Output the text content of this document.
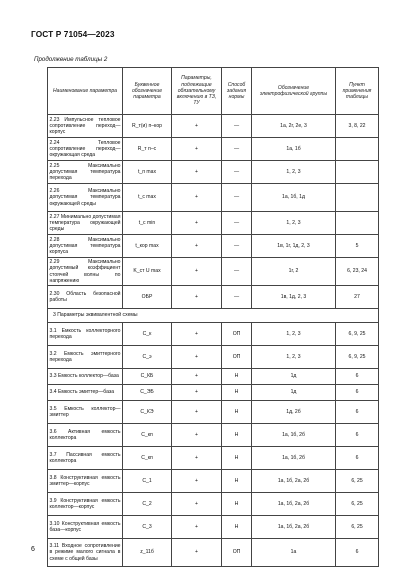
ГОСТ Р 71054—2023
Продолжение таблицы 2
Наименование параметра	Буквенное обозначение параметра	Параметры, подлежащие обязательному включению в ТЗ, ТУ	Способ задания нормы	Обозначение электрофизической группы	Пункт применения таблицы
2.23 Импульсное тепловое сопротивление переход—корпус	R_т(и) п–кор	+	—	1а, 2г, 2е, 3	3, 8, 22
2.24 Тепловое сопротивление переход—окружающая среда	R_т п–с	+	—	1а, 1б	
2.25 Максимально допустимая температура перехода	t_п max	+	—	1, 2, 3	
2.26 Максимально допустимая температура окружающей среды	t_с max	+	—	1а, 1б, 1д	
2.27 Минимально допустимая температура окружающей среды	t_с min	+	—	1, 2, 3	
2.28 Максимально допустимая температура корпуса	t_кор max	+	—	1в, 1г, 1д, 2, 3	5
2.29 Максимально допустимый коэффициент стоячей волны по напряжению	K_ст U max	+	—	1г, 2	6, 23, 24
2.30 Область безопасной работы	ОБР	+	—	1в, 1д, 2, 3	27
3 Параметры эквивалентной схемы					
3.1 Емкость коллекторного перехода	C_к	+	ОП	1, 2, 3	6, 9, 25
3.2 Емкость эмиттерного перехода	C_э	+	ОП	1, 2, 3	6, 9, 25
3.3 Емкость коллектор—база	C_КБ	+	Н	1д	6
3.4 Емкость эмиттер—база	C_ЭБ	+	Н	1д	6
3.5 Емкость коллектор—эмиттер	C_КЭ	+	Н	1д, 2б	6
3.6 Активная емкость коллектора	C_кп	+	Н	1а, 1б, 2б	6
3.7 Пассивная емкость коллектора	C_кп	+	Н	1а, 1б, 2б	6
3.8 Конструктивная емкость эмиттер—корпус	C_1	+	Н	1а, 1б, 2а, 2б	6, 25
3.9 Конструктивная емкость коллектор—корпус	C_2	+	Н	1а, 1б, 2а, 2б	6, 25
3.10 Конструктивная емкость база—корпус	C_3	+	Н	1а, 1б, 2а, 2б	6, 25
3.11 Входное сопротивление в режиме малого сигнала в схеме с общей базы	z_11б	+	ОП	1а	6
6
